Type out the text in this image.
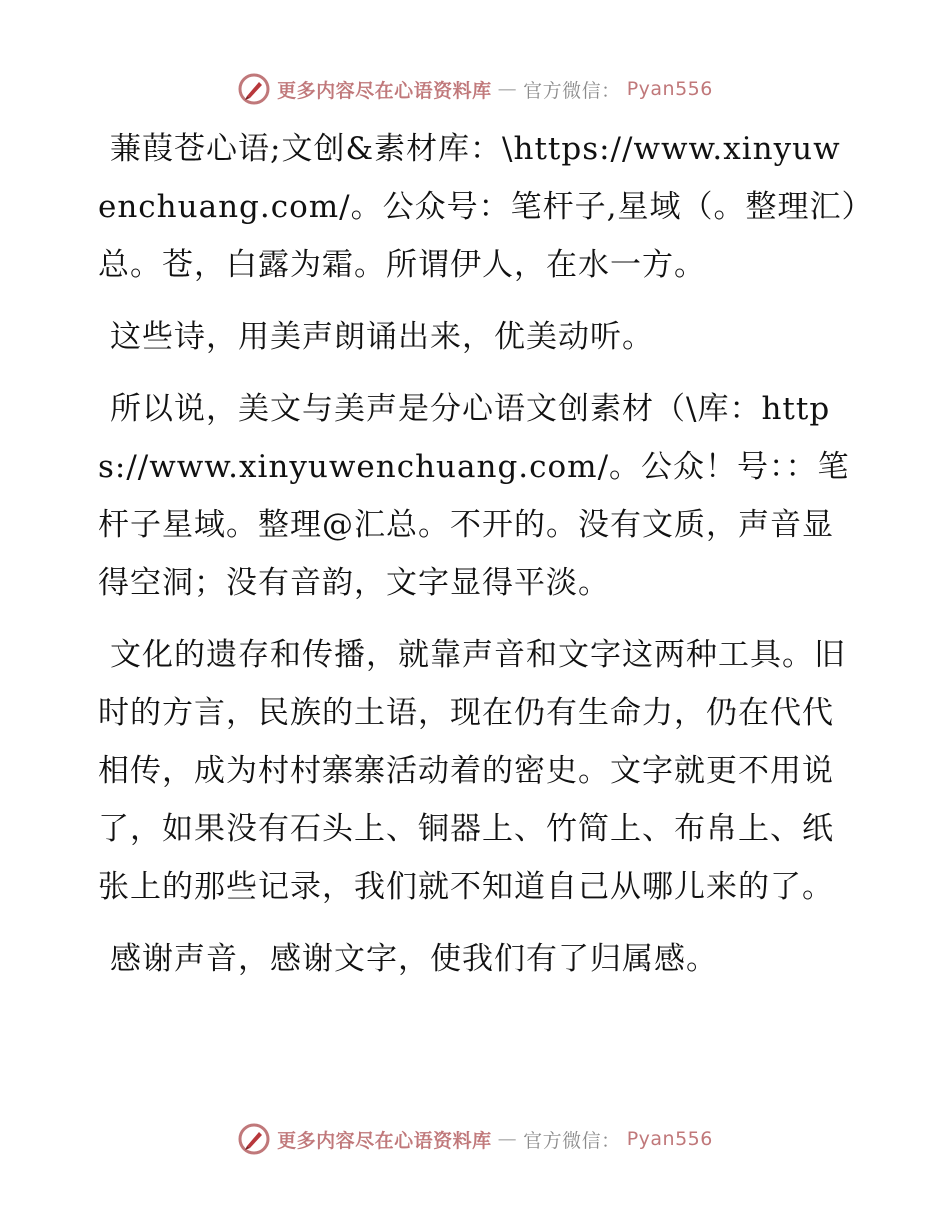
更多内容尽在心语资料库 — 官方微信： Pyan556

蒹葭苍心语;文创&素材库：\https://www.xinyuwenchuang.com/。公众号：笔杆子,星域（。整理汇）总。苍，白露为霜。所谓伊人，在水一方。

这些诗，用美声朗诵出来，优美动听。

所以说，美文与美声是分心语文创素材（\库：https://www.xinyuwenchuang.com/。公众！号：：笔杆子星域。整理@汇总。不开的。没有文质，声音显得空洞；没有音韵，文字显得平淡。

文化的遗存和传播，就靠声音和文字这两种工具。旧时的方言，民族的土语，现在仍有生命力，仍在代代相传，成为村村寨寨活动着的密史。文字就更不用说了，如果没有石头上、铜器上、竹简上、布帛上、纸张上的那些记录，我们就不知道自己从哪儿来的了。

感谢声音，感谢文字，使我们有了归属感。

更多内容尽在心语资料库 — 官方微信： Pyan556
